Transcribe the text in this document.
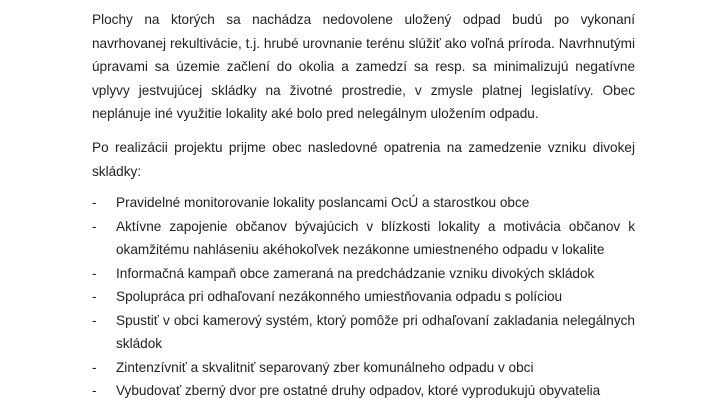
Plochy na ktorých sa nachádza nedovolene uložený odpad budú po vykonaní navrhovanej rekultivácie, t.j. hrubé urovnanie terénu slúžiť ako voľná príroda. Navrhnutými úpravami sa územie začlení do okolia a zamedzí sa resp. sa minimalizujú negatívne vplyvy jestvujúcej skládky na životné prostredie, v zmysle platnej legislatívy. Obec neplánuje iné využitie lokality aké bolo pred nelegálnym uložením odpadu.

Po realizácii projektu prijme obec nasledovné opatrenia na zamedzenie vzniku divokej skládky:

- Pravidelné monitorovanie lokality poslancami OcÚ a starostkou obce
- Aktívne zapojenie občanov bývajúcich v blízkosti lokality a motivácia občanov k okamžitému nahláseniu akéhokoľvek nezákonne umiestneného odpadu v lokalite
- Informačná kampaň obce zameraná na predchádzanie vzniku divokých skládok
- Spolupráca pri odhaľovaní nezákonného umiestňovania odpadu s políciou
- Spustiť v obci kamerový systém, ktorý pomôže pri odhaľovaní zakladania nelegálnych skládok
- Zintenzívniť a skvalitniť separovaný zber komunálneho odpadu v obci
- Vybudovať zberný dvor pre ostatné druhy odpadov, ktoré vyprodukujú obyvatelia
